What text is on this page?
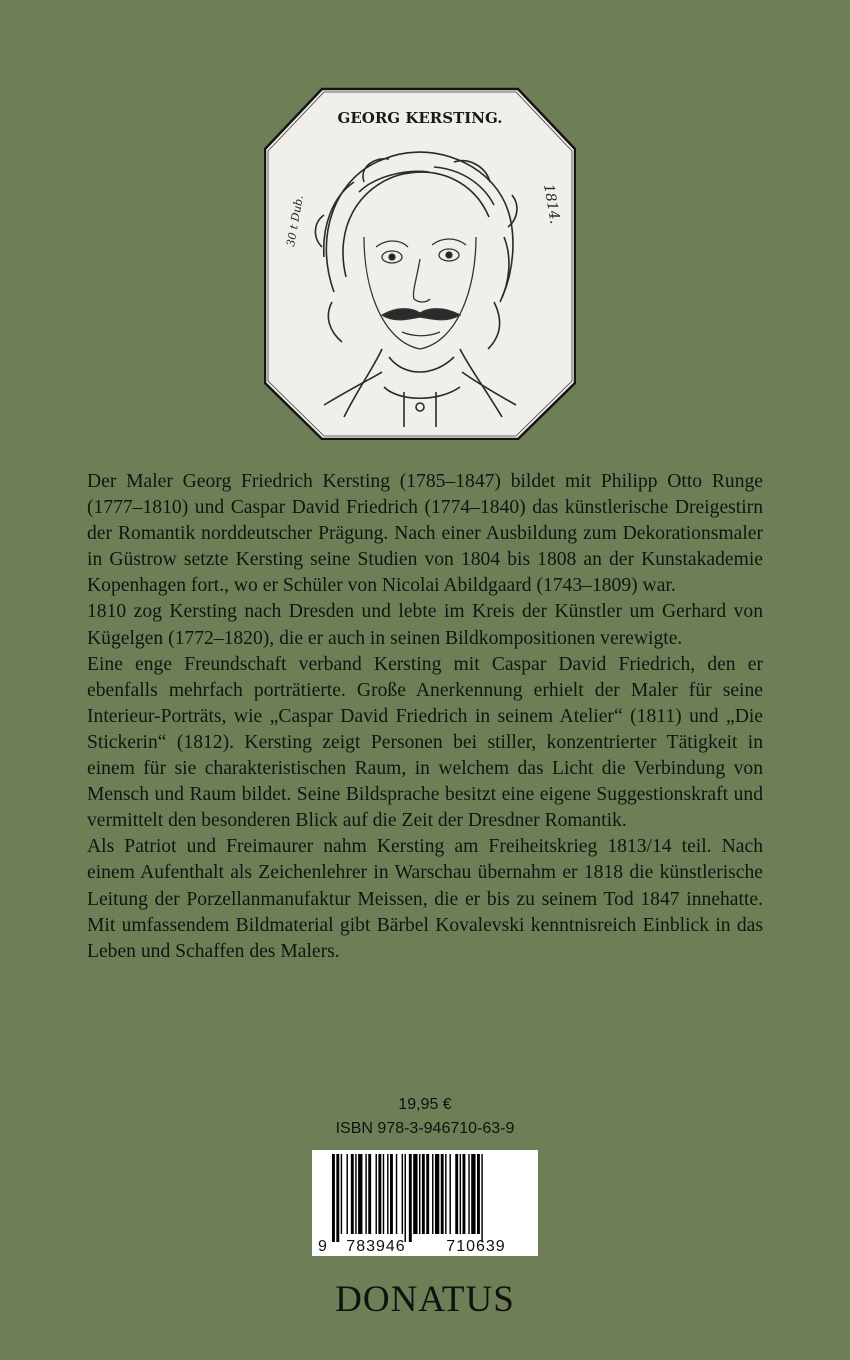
GEORG KERSTING.
30 t Dub.	1814.

Der Maler Georg Friedrich Kersting (1785–1847) bildet mit Philipp Otto Runge (1777–1810) und Caspar David Friedrich (1774–1840) das künstlerische Dreigestirn der Romantik norddeutscher Prägung. Nach einer Ausbildung zum Dekorationsmaler in Güstrow setzte Kersting seine Studien von 1804 bis 1808 an der Kunstakademie Kopenhagen fort., wo er Schüler von Nicolai Abildgaard (1743–1809) war.

1810 zog Kersting nach Dresden und lebte im Kreis der Künstler um Gerhard von Kügelgen (1772–1820), die er auch in seinen Bildkompositionen verewigte.

Eine enge Freundschaft verband Kersting mit Caspar David Friedrich, den er ebenfalls mehrfach porträtierte. Große Anerkennung erhielt der Maler für seine Interieur-Porträts, wie „Caspar David Friedrich in seinem Atelier“ (1811) und „Die Stickerin“ (1812). Kersting zeigt Personen bei stiller, konzentrierter Tätigkeit in einem für sie charakteristischen Raum, in welchem das Licht die Verbindung von Mensch und Raum bildet. Seine Bildsprache besitzt eine eigene Suggestionskraft und vermittelt den besonderen Blick auf die Zeit der Dresdner Romantik.

Als Patriot und Freimaurer nahm Kersting am Freiheitskrieg 1813/14 teil. Nach einem Aufenthalt als Zeichenlehrer in Warschau übernahm er 1818 die künstlerische Leitung der Porzellanmanufaktur Meissen, die er bis zu seinem Tod 1847 innehatte. Mit umfassendem Bildmaterial gibt Bärbel Kovalevski kenntnisreich Einblick in das Leben und Schaffen des Malers.

19,95 €
ISBN 978-3-946710-63-9
9 783946	710639
DONATUS
